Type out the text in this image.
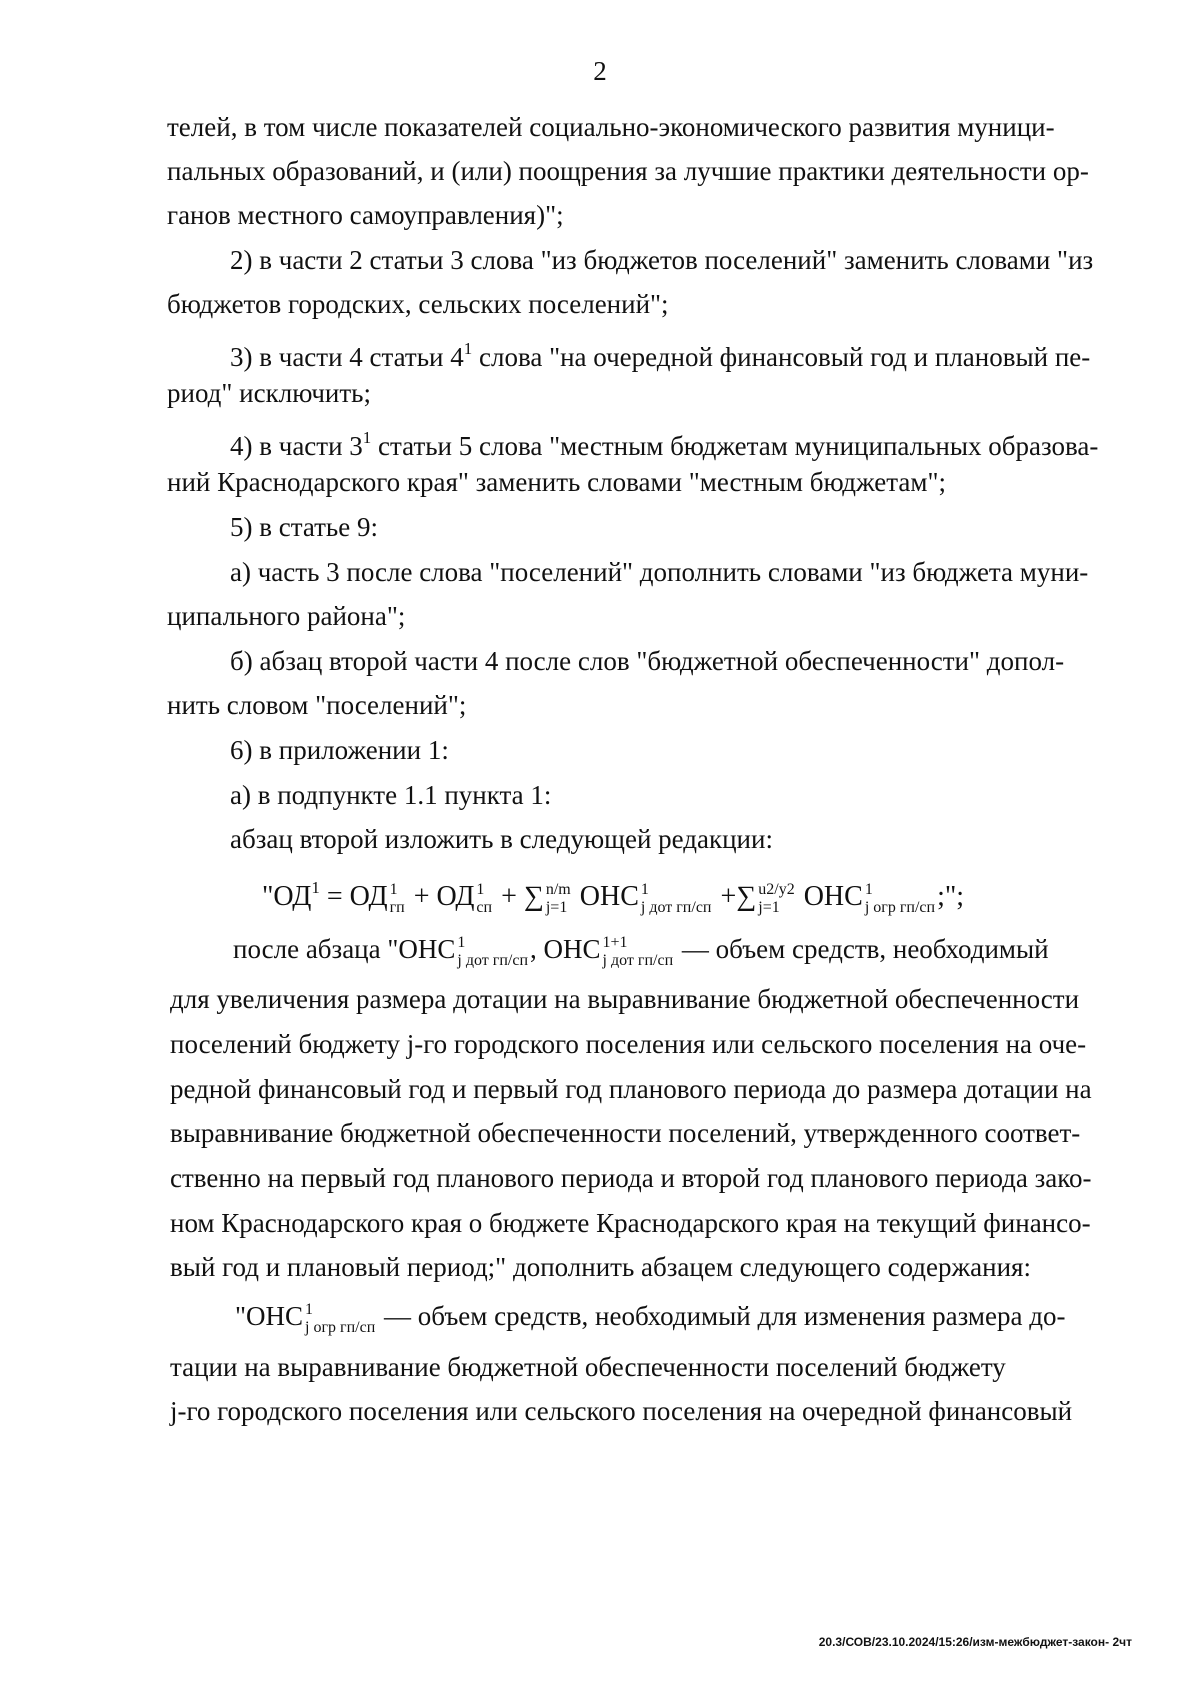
2
телей, в том числе показателей социально-экономического развития муници-
пальных образований, и (или) поощрения за лучшие практики деятельности ор-
ганов местного самоуправления)";
2) в части 2 статьи 3 слова "из бюджетов поселений" заменить словами "из
бюджетов городских, сельских поселений";
3) в части 4 статьи $4^1$ слова "на очередной финансовый год и плановый пе-
риод" исключить;
4) в части $3^1$ статьи 5 слова "местным бюджетам муниципальных образова-
ний Краснодарского края" заменить словами "местным бюджетам";
5) в статье 9:
а) часть 3 после слова "поселений" дополнить словами "из бюджета муни-
ципального района";
б) абзац второй части 4 после слов "бюджетной обеспеченности" допол-
нить словом "поселений";
6) в приложении 1:
а) в подпункте 1.1 пункта 1:
абзац второй изложить в следующей редакции:
"$ОД^1$ = ОД 1
гп + ОД 1
сп + ∑ n/m
j=1 ОНС 1
j дот гп/сп +∑ u2/y2
j=1 ОНС 1
j огр гп/сп ;";
после абзаца "ОНС 1
j дот гп/сп , ОНС 1+1
j дот гп/сп — объем средств, необходимый
для увеличения размера дотации на выравнивание бюджетной обеспеченности
поселений бюджету j-го городского поселения или сельского поселения на оче-
редной финансовый год и первый год планового периода до размера дотации на
выравнивание бюджетной обеспеченности поселений, утвержденного соответ-
ственно на первый год планового периода и второй год планового периода зако-
ном Краснодарского края о бюджете Краснодарского края на текущий финансо-
вый год и плановый период;" дополнить абзацем следующего содержания:
"ОНС 1
j огр гп/сп — объем средств, необходимый для изменения размера до-
тации на выравнивание бюджетной обеспеченности поселений бюджету
j-го городского поселения или сельского поселения на очередной финансовый
20.3/СОВ/23.10.2024/15:26/изм-межбюджет-закон- 2чт
